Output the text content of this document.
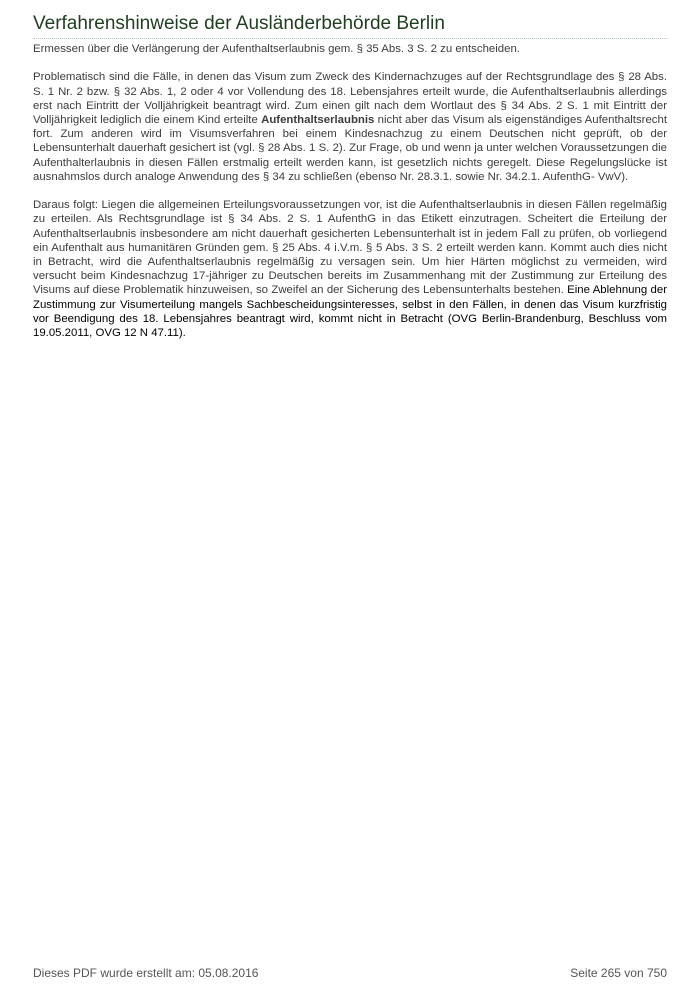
Verfahrenshinweise der Ausländerbehörde Berlin

Ermessen über die Verlängerung der Aufenthaltserlaubnis gem. § 35 Abs. 3 S. 2 zu entscheiden.

Problematisch sind die Fälle, in denen das Visum zum Zweck des Kindernachzuges auf der Rechtsgrundlage des § 28 Abs. S. 1 Nr. 2 bzw. § 32 Abs. 1, 2 oder 4 vor Vollendung des 18. Lebensjahres erteilt wurde, die Aufenthaltserlaubnis allerdings erst nach Eintritt der Volljährigkeit beantragt wird. Zum einen gilt nach dem Wortlaut des § 34 Abs. 2 S. 1 mit Eintritt der Volljährigkeit lediglich die einem Kind erteilte Aufenthaltserlaubnis nicht aber das Visum als eigenständiges Aufenthaltsrecht fort. Zum anderen wird im Visumsverfahren bei einem Kindesnachzug zu einem Deutschen nicht geprüft, ob der Lebensunterhalt dauerhaft gesichert ist (vgl. § 28 Abs. 1 S. 2). Zur Frage, ob und wenn ja unter welchen Voraussetzungen die Aufenthalterlaubnis in diesen Fällen erstmalig erteilt werden kann, ist gesetzlich nichts geregelt. Diese Regelungslücke ist ausnahmslos durch analoge Anwendung des § 34 zu schließen (ebenso Nr. 28.3.1. sowie Nr. 34.2.1. AufenthG- VwV).

Daraus folgt: Liegen die allgemeinen Erteilungsvoraussetzungen vor, ist die Aufenthaltserlaubnis in diesen Fällen regelmäßig zu erteilen. Als Rechtsgrundlage ist § 34 Abs. 2 S. 1 AufenthG in das Etikett einzutragen. Scheitert die Erteilung der Aufenthaltserlaubnis insbesondere am nicht dauerhaft gesicherten Lebensunterhalt ist in jedem Fall zu prüfen, ob vorliegend ein Aufenthalt aus humanitären Gründen gem. § 25 Abs. 4 i.V.m. § 5 Abs. 3 S. 2 erteilt werden kann. Kommt auch dies nicht in Betracht, wird die Aufenthaltserlaubnis regelmäßig zu versagen sein. Um hier Härten möglichst zu vermeiden, wird versucht beim Kindesnachzug 17-jähriger zu Deutschen bereits im Zusammenhang mit der Zustimmung zur Erteilung des Visums auf diese Problematik hinzuweisen, so Zweifel an der Sicherung des Lebensunterhalts bestehen. Eine Ablehnung der Zustimmung zur Visumerteilung mangels Sachbescheidungsinteresses, selbst in den Fällen, in denen das Visum kurzfristig vor Beendigung des 18. Lebensjahres beantragt wird, kommt nicht in Betracht (OVG Berlin-Brandenburg, Beschluss vom 19.05.2011, OVG 12 N 47.11).

Dieses PDF wurde erstellt am: 05.08.2016	Seite 265 von 750
